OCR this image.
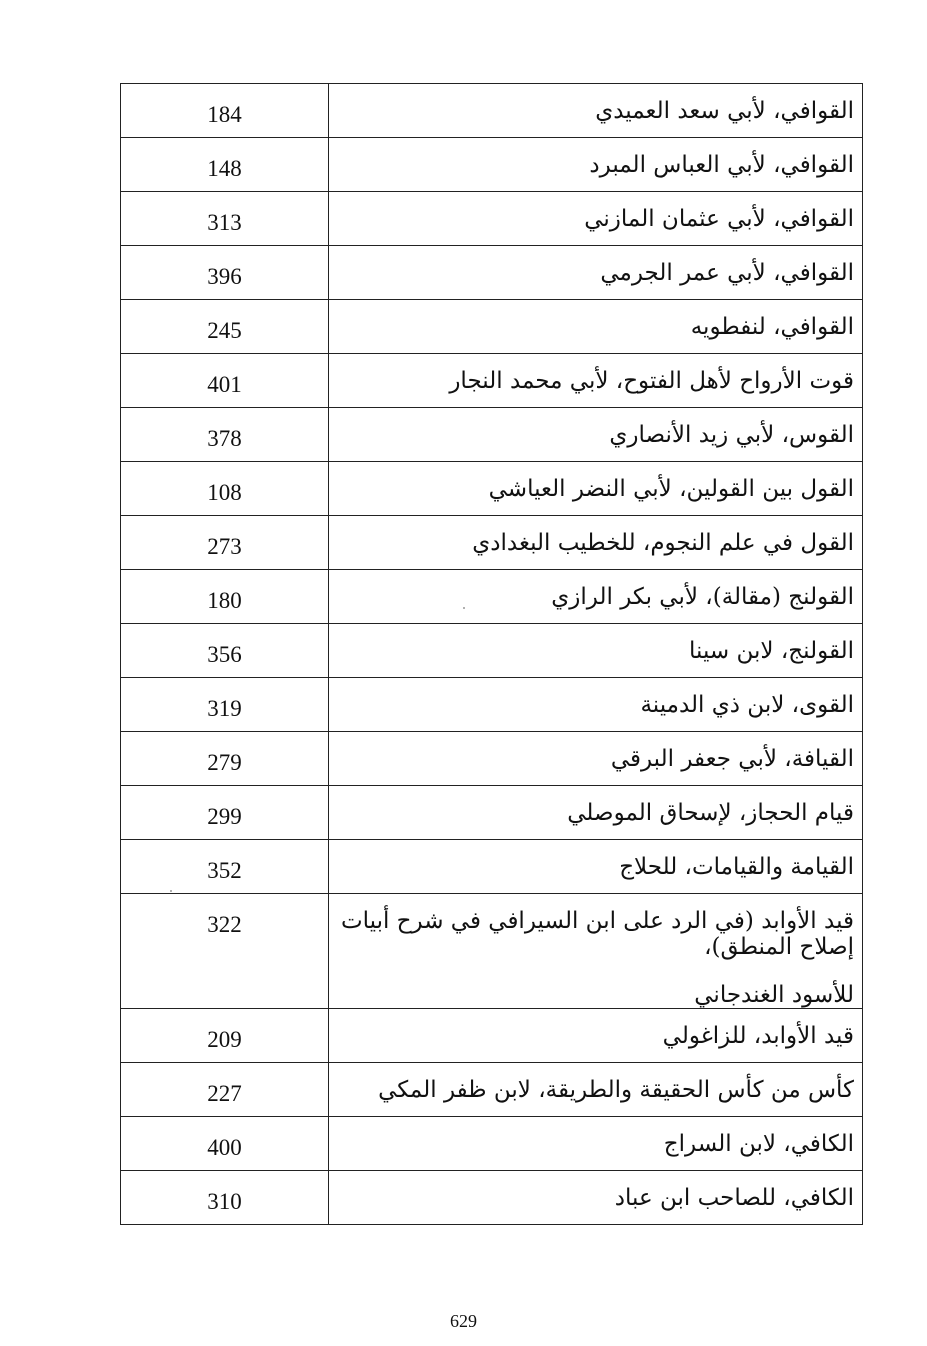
184	القوافي، لأبي سعد العميدي
148	القوافي، لأبي العباس المبرد
313	القوافي، لأبي عثمان المازني
396	القوافي، لأبي عمر الجرمي
245	القوافي، لنفطويه
401	قوت الأرواح لأهل الفتوح، لأبي محمد النجار
378	القوس، لأبي زيد الأنصاري
108	القول بين القولين، لأبي النضر العياشي
273	القول في علم النجوم، للخطيب البغدادي
180	القولنج (مقالة)، لأبي بكر الرازي
356	القولنج، لابن سينا
319	القوى، لابن ذي الدمينة
279	القيافة، لأبي جعفر البرقي
299	قيام الحجاز، لإسحاق الموصلي
352	القيامة والقيامات، للحلاج
322	قيد الأوابد (في الرد على ابن السيرافي في شرح أبيات إصلاح المنطق)،
للأسود الغندجاني

209	قيد الأوابد، للزاغولي
227	كأس من كأس الحقيقة والطريقة، لابن ظفر المكي
400	الكافي، لابن السراج
310	الكافي، للصاحب ابن عباد
629
